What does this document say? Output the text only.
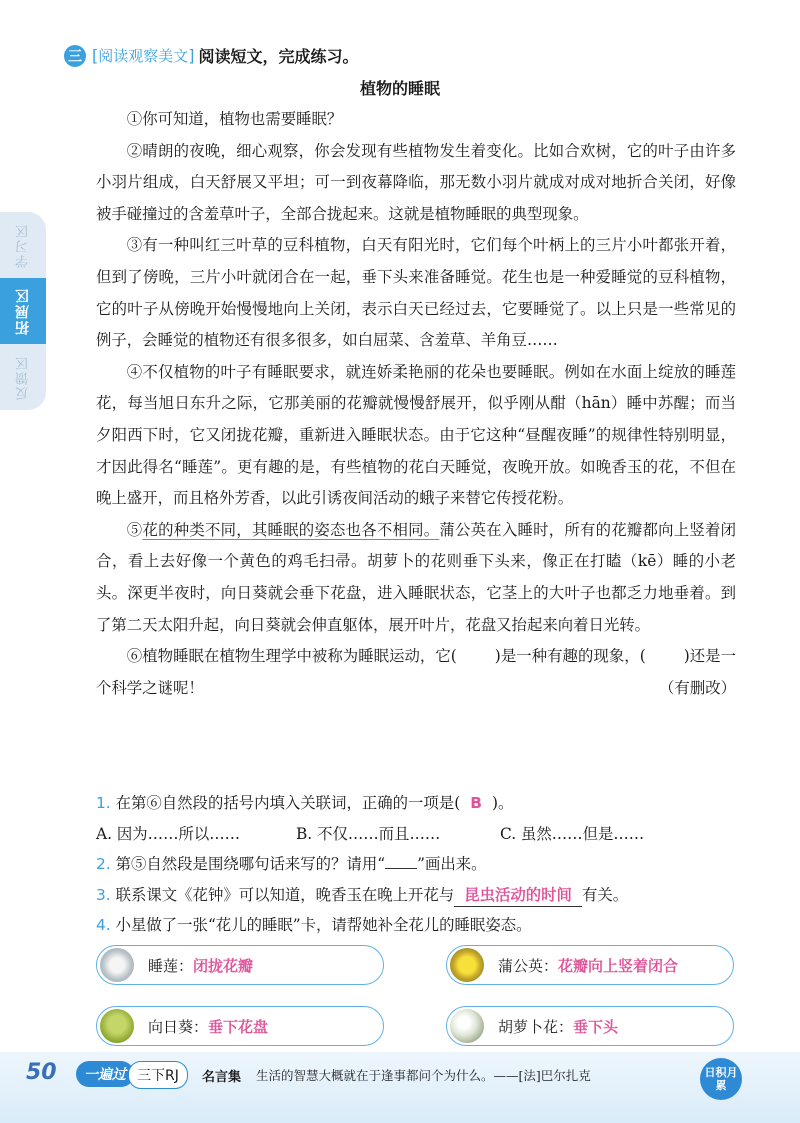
学习区
拓展区
反馈区
三 [ 阅读观察美文 ] 阅读短文，完成练习。
植物的睡眠

①你可知道，植物也需要睡眠？

②晴朗的夜晚，细心观察，你会发现有些植物发生着变化。比如合欢树，它的叶子由许多小羽片组成，白天舒展又平坦；可一到夜幕降临，那无数小羽片就成对成对地折合关闭，好像被手碰撞过的含羞草叶子，全部合拢起来。这就是植物睡眠的典型现象。

③有一种叫红三叶草的豆科植物，白天有阳光时，它们每个叶柄上的三片小叶都张开着，但到了傍晚，三片小叶就闭合在一起，垂下头来准备睡觉。花生也是一种爱睡觉的豆科植物，它的叶子从傍晚开始慢慢地向上关闭，表示白天已经过去，它要睡觉了。以上只是一些常见的例子，会睡觉的植物还有很多很多，如白屈菜、含羞草、羊角豆……

④不仅植物的叶子有睡眠要求，就连娇柔艳丽的花朵也要睡眠。例如在水面上绽放的睡莲花，每当旭日东升之际，它那美丽的花瓣就慢慢舒展开，似乎刚从酣（hān）睡中苏醒；而当夕阳西下时，它又闭拢花瓣，重新进入睡眠状态。由于它这种“昼醒夜睡”的规律性特别明显，才因此得名“睡莲”。更有趣的是，有些植物的花白天睡觉，夜晚开放。如晚香玉的花，不但在晚上盛开，而且格外芳香，以此引诱夜间活动的蛾子来替它传授花粉。

⑤花的种类不同，其睡眠的姿态也各不相同。蒲公英在入睡时，所有的花瓣都向上竖着闭合，看上去好像一个黄色的鸡毛扫帚。胡萝卜的花则垂下头来，像正在打瞌（kē）睡的小老头。深更半夜时，向日葵就会垂下花盘，进入睡眠状态，它茎上的大叶子也都乏力地垂着。到了第二天太阳升起，向日葵就会伸直躯体，展开叶片，花盘又抬起来向着日光转。

⑥植物睡眠在植物生理学中被称为睡眠运动，它( )是一种有趣的现象，( )还是一个科学之谜呢！	（有删改）

1. 在第⑥自然段的括号内填入关联词，正确的一项是( B )。

A. 因为……所以……	B. 不仅……而且……	C. 虽然……但是……

2. 第⑤自然段是围绕哪句话来写的？请用“ ”画出来。

3. 联系课文《花钟》可以知道，晚香玉在晚上开花与 昆虫活动的时间 有关。

4. 小星做了一张“花儿的睡眠”卡，请帮她补全花儿的睡眠姿态。

睡莲： 闭拢花瓣	蒲公英： 花瓣向上竖着闭合
向日葵： 垂下花盘	胡萝卜花： 垂下头
50	一遍过 三下RJ	名言集 生活的智慧大概就在于逢事都问个为什么。——[法]巴尔扎克	日积月累
